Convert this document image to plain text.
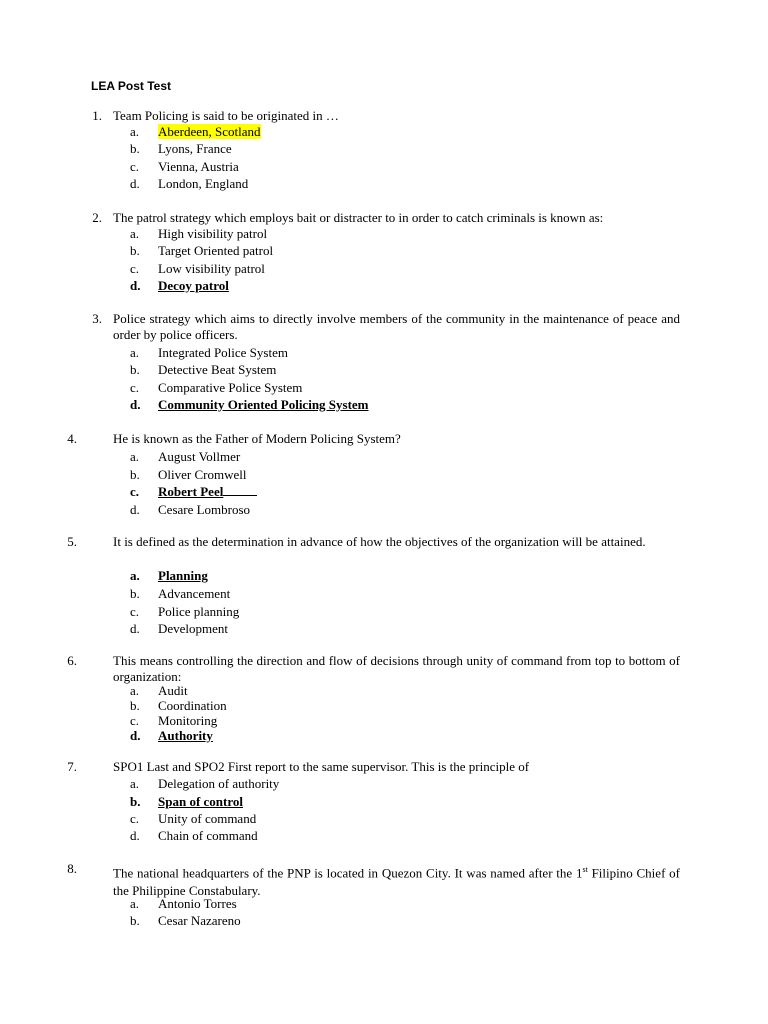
LEA Post Test
1. Team Policing is said to be originated in …
a. Aberdeen, Scotland
b. Lyons, France
c. Vienna, Austria
d. London, England
2. The patrol strategy which employs bait or distracter to in order to catch criminals is known as:
a. High visibility patrol
b. Target Oriented patrol
c. Low visibility patrol
d. Decoy patrol
3. Police strategy which aims to directly involve members of the community in the maintenance of peace and order by police officers.
a. Integrated Police System
b. Detective Beat System
c. Comparative Police System
d. Community Oriented Policing System
4.	He is known as the Father of Modern Policing System?
a. August Vollmer
b. Oliver Cromwell
c. Robert Peel
d. Cesare Lombroso
5.	It is defined as the determination in advance of how the objectives of the organization will be attained.
a. Planning
b. Advancement
c. Police planning
d. Development
6.	This means controlling the direction and flow of decisions through unity of command from top to bottom of organization:
a. Audit
b. Coordination
c. Monitoring
d. Authority
7.	SPO1 Last and SPO2 First report to the same supervisor. This is the principle of
a. Delegation of authority
b. Span of control
c. Unity of command
d. Chain of command
8.	The national headquarters of the PNP is located in Quezon City. It was named after the 1st Filipino Chief of the Philippine Constabulary.
a. Antonio Torres
b. Cesar Nazareno
